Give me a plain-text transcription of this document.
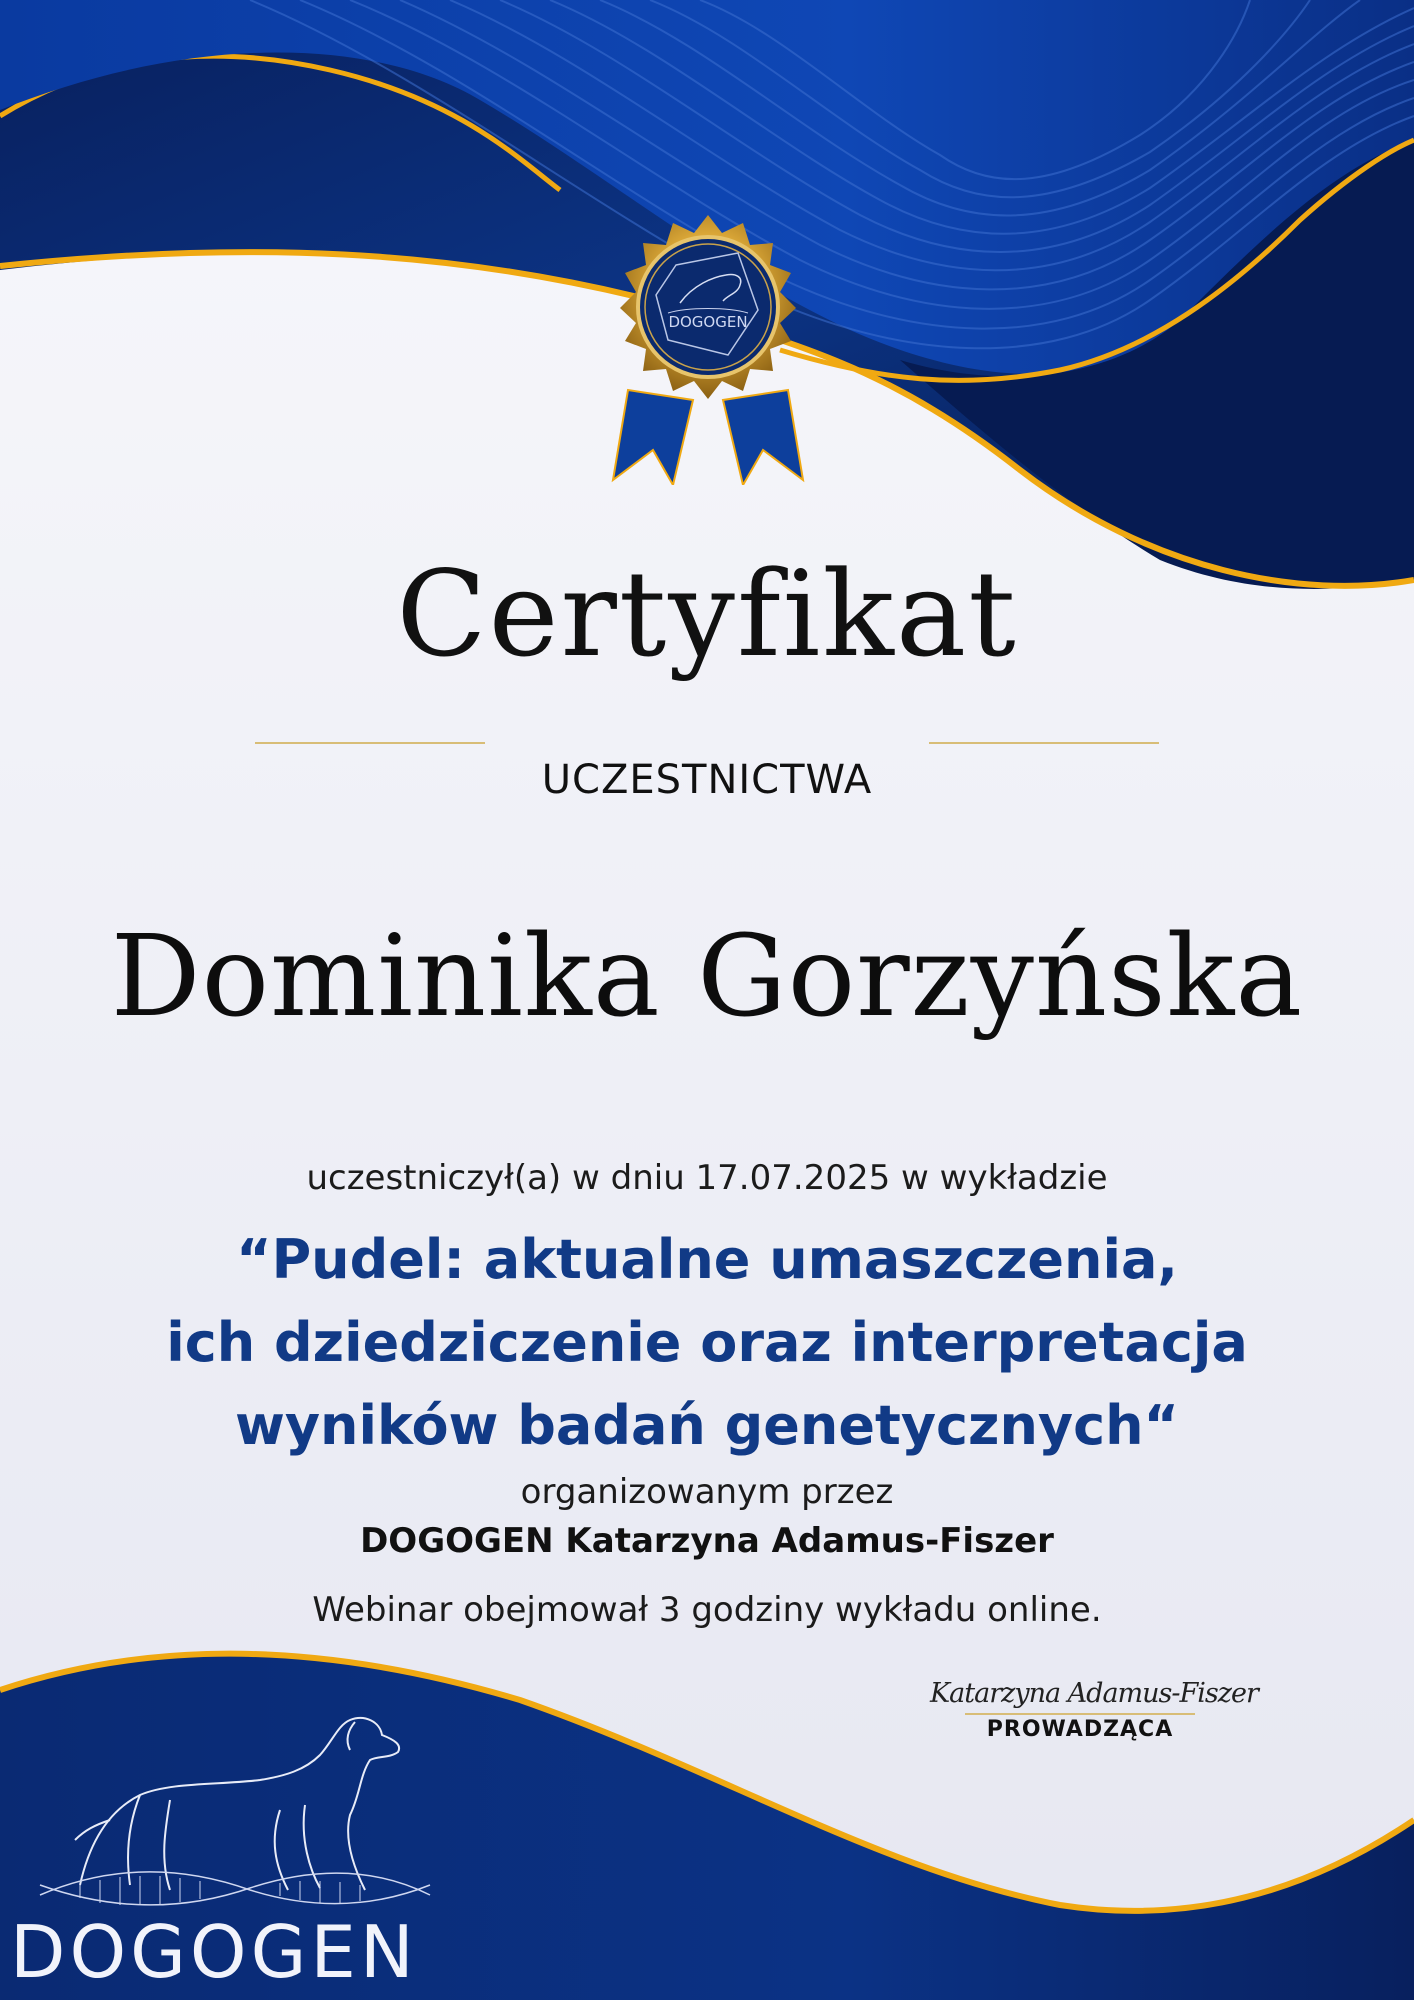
DOGOGEN
Certyfikat
UCZESTNICTWA
Dominika Gorzyńska
uczestniczył(a) w dniu 17.07.2025 w wykładzie
“Pudel: aktualne umaszczenia,
ich dziedziczenie oraz interpretacja
wyników badań genetycznych“
organizowanym przez
DOGOGEN Katarzyna Adamus-Fiszer
Webinar obejmował 3 godziny wykładu online.
Katarzyna Adamus-Fiszer
PROWADZĄCA
DOGOGEN
